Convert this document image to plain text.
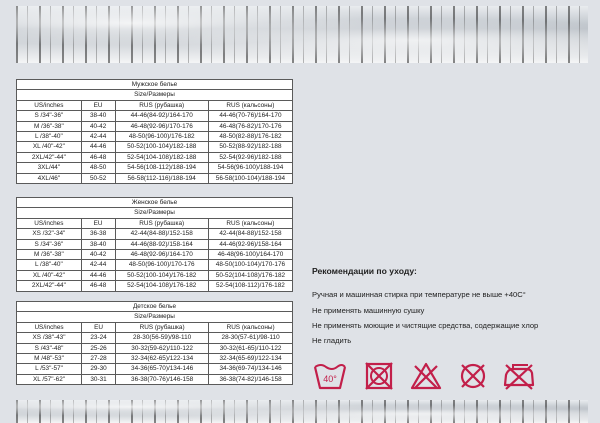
Мужское белье			
Size/Размеры			
US/inches	EU	RUS (рубашка)	RUS (кальсоны)
S /34"-36"	38-40	44-46(84-92)/164-170	44-46(70-76)/164-170
M /36"-38"	40-42	46-48(92-96)/170-176	46-48(76-82)/170-176
L /38"-40"	42-44	48-50(96-100)/176-182	48-50(82-88)/176-182
XL /40"-42"	44-46	50-52(100-104)/182-188	50-52(88-92)/182-188
2XL/42"-44"	46-48	52-54(104-108)/182-188	52-54(92-96)/182-188
3XL/44"	48-50	54-56(108-112)/188-194	54-56(96-100)/188-194
4XL/46"	50-52	56-58(112-116)/188-194	56-58(100-104)/188-194
Женское белье			
Size/Размеры			
US/inches	EU	RUS (рубашка)	RUS (кальсоны)
XS /32"-34"	36-38	42-44(84-88)/152-158	42-44(84-88)/152-158
S /34"-36"	38-40	44-46(88-92)/158-164	44-46(92-96)/158-164
M /36"-38"	40-42	46-48(92-96)/164-170	46-48(96-100)/164-170
L /38"-40"	42-44	48-50(96-100)/170-176	48-50(100-104)/170-176
XL /40"-42"	44-46	50-52(100-104)/176-182	50-52(104-108)/176-182
2XL/42"-44"	46-48	52-54(104-108)/176-182	52-54(108-112)/176-182
Детское белье			
Size/Размеры			
US/inches	EU	RUS (рубашка)	RUS (кальсоны)
XS /38"-43"	23-24	28-30(56-59)/98-110	28-30(57-61)/98-110
S /43"-48"	25-26	30-32(59-62)/110-122	30-32(61-65)/110-122
M /48"-53"	27-28	32-34(62-65)/122-134	32-34(65-69)/122-134
L /53"-57"	29-30	34-36(65-70)/134-146	34-36(69-74)/134-146
XL /57"-62"	30-31	36-38(70-76)/146-158	36-38(74-82)/146-158
Рекомендации по уходу:
Ручная и машинная стирка при температуре не выше +40С°
Не применять машинную сушку
Не применять моющие и чистящие средства, содержащие хлор
Не гладить
40°
